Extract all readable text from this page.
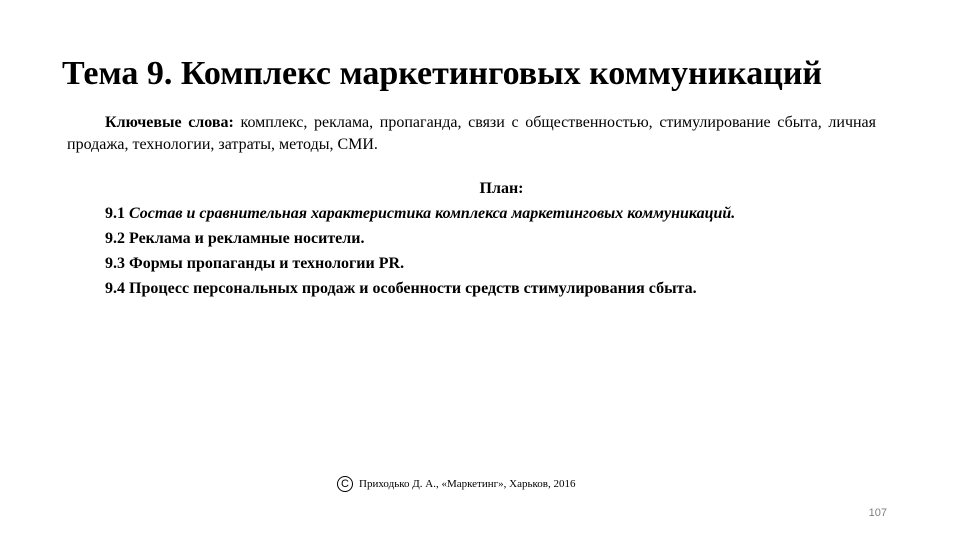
Тема 9. Комплекс маркетинговых коммуникаций
Ключевые слова: комплекс, реклама, пропаганда, связи с общественностью, стимулирование сбыта, личная продажа, технологии, затраты, методы, СМИ.
План:
9.1 Состав и сравнительная характеристика комплекса маркетинговых коммуникаций.
9.2 Реклама и рекламные носители.
9.3 Формы пропаганды и технологии PR.
9.4 Процесс персональных продаж и особенности средств стимулирования сбыта.
C Приходько Д. А., «Маркетинг», Харьков, 2016
107
